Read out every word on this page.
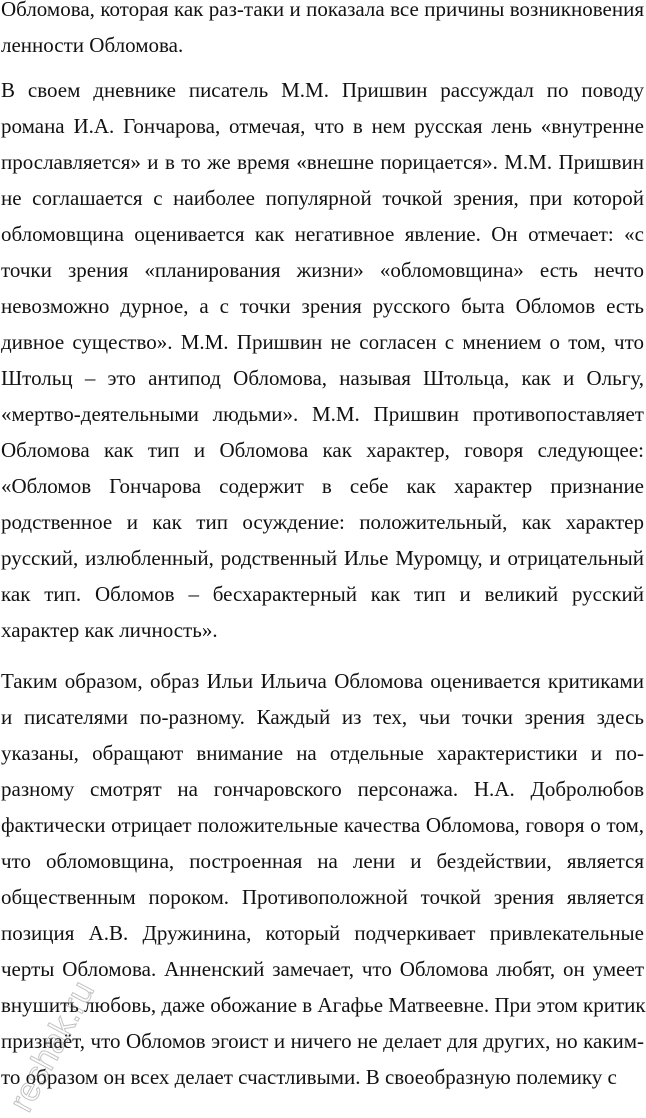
Обломова, которая как раз-таки и показала все причины возникновения
ленности Обломова.
В своем дневнике писатель М.М. Пришвин рассуждал по поводу
романа И.А. Гончарова, отмечая, что в нем русская лень «внутренне
прославляется» и в то же время «внешне порицается». М.М. Пришвин
не соглашается с наиболее популярной точкой зрения, при которой
обломовщина оценивается как негативное явление. Он отмечает: «с
точки зрения «планирования жизни» «обломовщина» есть нечто
невозможно дурное, а с точки зрения русского быта Обломов есть
дивное существо». М.М. Пришвин не согласен с мнением о том, что
Штольц – это антипод Обломова, называя Штольца, как и Ольгу,
«мертво-деятельными людьми». М.М. Пришвин противопоставляет
Обломова как тип и Обломова как характер, говоря следующее:
«Обломов Гончарова содержит в себе как характер признание
родственное и как тип осуждение: положительный, как характер
русский, излюбленный, родственный Илье Муромцу, и отрицательный
как тип. Обломов – бесхарактерный как тип и великий русский
характер как личность».
Таким образом, образ Ильи Ильича Обломова оценивается критиками
и писателями по-разному. Каждый из тех, чьи точки зрения здесь
указаны, обращают внимание на отдельные характеристики и по-
разному смотрят на гончаровского персонажа. Н.А. Добролюбов
фактически отрицает положительные качества Обломова, говоря о том,
что обломовщина, построенная на лени и бездействии, является
общественным пороком. Противоположной точкой зрения является
позиция А.В. Дружинина, который подчеркивает привлекательные
черты Обломова. Анненский замечает, что Обломова любят, он умеет
внушить любовь, даже обожание в Агафье Матвеевне. При этом критик
признаёт, что Обломов эгоист и ничего не делает для других, но каким-
то образом он всех делает счастливыми. В своеобразную полемику с
reshak.ru
